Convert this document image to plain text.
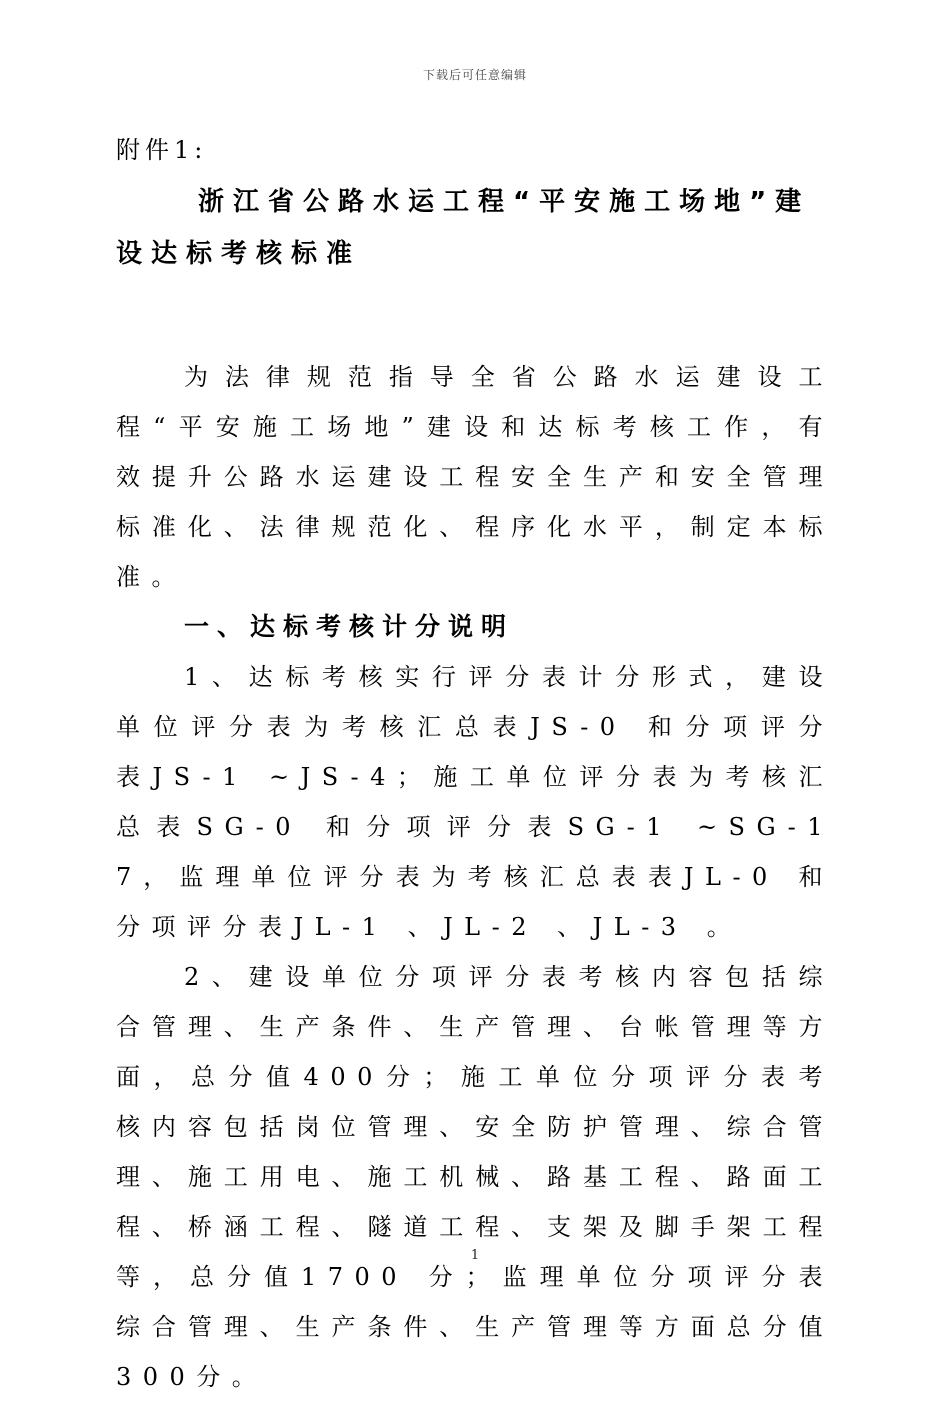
下载后可任意编辑
附件1:
浙江省公路水运工程“平安施工场地”建设达标考核标准
为法律规范指导全省公路水运建设工程“平安施工场地”建设和达标考核工作，有效提升公路水运建设工程安全生产和安全管理标准化、法律规范化、程序化水平，制定本标准。
一、达标考核计分说明
1、达标考核实行评分表计分形式，建设单位评分表为考核汇总表JS-0 和分项评分表JS-1 ~JS-4；施工单位评分表为考核汇总表SG-0 和分项评分表SG-1 ~SG-17，监理单位评分表为考核汇总表表JL-0 和分项评分表JL-1 、JL-2 、JL-3 。
2、建设单位分项评分表考核内容包括综合管理、生产条件、生产管理、台帐管理等方面，总分值400分；施工单位分项评分表考核内容包括岗位管理、安全防护管理、综合管理、施工用电、施工机械、路基工程、路面工程、桥涵工程、隧道工程、支架及脚手架工程等，总分值1700 分；监理单位分项评分表综合管理、生产条件、生产管理等方面总分值300分。
1
